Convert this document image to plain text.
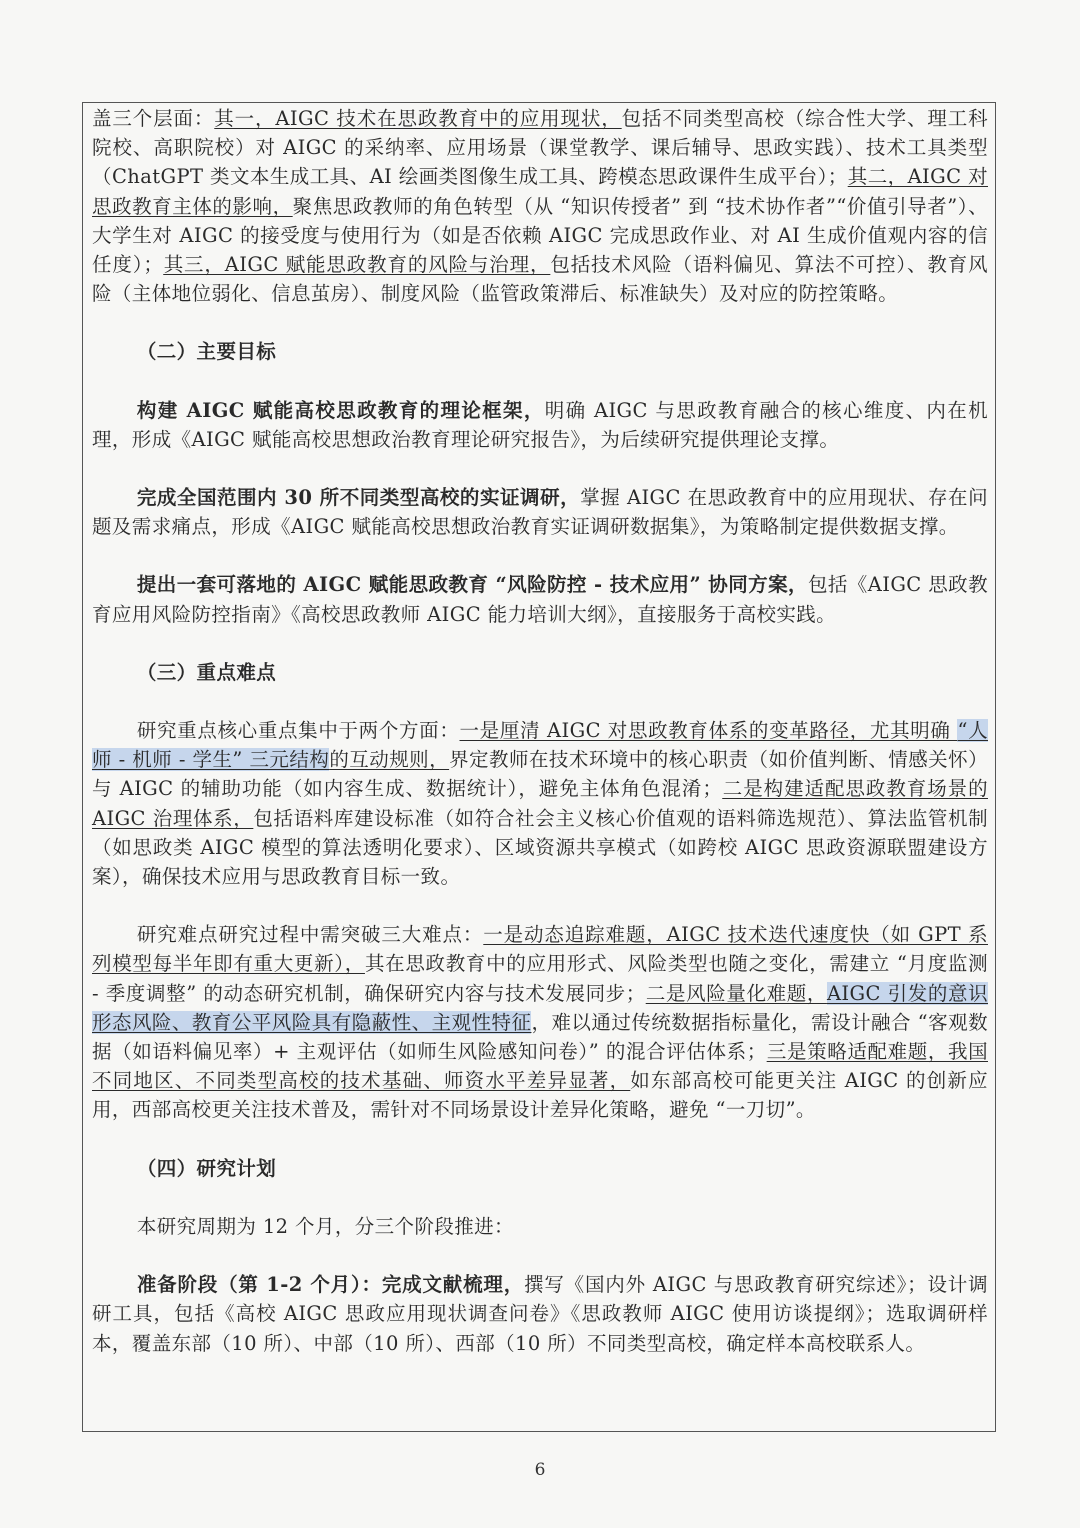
盖三个层面：其一，AIGC 技术在思政教育中的应用现状，包括不同类型高校（综合性大学、理工科院校、高职院校）对 AIGC 的采纳率、应用场景（课堂教学、课后辅导、思政实践）、技术工具类型（ChatGPT 类文本生成工具、AI 绘画类图像生成工具、跨模态思政课件生成平台）；其二，AIGC 对思政教育主体的影响，聚焦思政教师的角色转型（从 “知识传授者” 到 “技术协作者”“价值引导者”）、大学生对 AIGC 的接受度与使用行为（如是否依赖 AIGC 完成思政作业、对 AI 生成价值观内容的信任度）；其三，AIGC 赋能思政教育的风险与治理，包括技术风险（语料偏见、算法不可控）、教育风险（主体地位弱化、信息茧房）、制度风险（监管政策滞后、标准缺失）及对应的防控策略。

（二）主要目标

构建 AIGC 赋能高校思政教育的理论框架，明确 AIGC 与思政教育融合的核心维度、内在机理，形成《AIGC 赋能高校思想政治教育理论研究报告》，为后续研究提供理论支撑。

完成全国范围内 30 所不同类型高校的实证调研，掌握 AIGC 在思政教育中的应用现状、存在问题及需求痛点，形成《AIGC 赋能高校思想政治教育实证调研数据集》，为策略制定提供数据支撑。

提出一套可落地的 AIGC 赋能思政教育 “风险防控 - 技术应用” 协同方案，包括《AIGC 思政教育应用风险防控指南》《高校思政教师 AIGC 能力培训大纲》，直接服务于高校实践。

（三）重点难点

研究重点核心重点集中于两个方面：一是厘清 AIGC 对思政教育体系的变革路径，尤其明确 “人师 - 机师 - 学生” 三元结构的互动规则，界定教师在技术环境中的核心职责（如价值判断、情感关怀）与 AIGC 的辅助功能（如内容生成、数据统计），避免主体角色混淆；二是构建适配思政教育场景的 AIGC 治理体系，包括语料库建设标准（如符合社会主义核心价值观的语料筛选规范）、算法监管机制（如思政类 AIGC 模型的算法透明化要求）、区域资源共享模式（如跨校 AIGC 思政资源联盟建设方案），确保技术应用与思政教育目标一致。

研究难点研究过程中需突破三大难点：一是动态追踪难题，AIGC 技术迭代速度快（如 GPT 系列模型每半年即有重大更新），其在思政教育中的应用形式、风险类型也随之变化，需建立 “月度监测 - 季度调整” 的动态研究机制，确保研究内容与技术发展同步；二是风险量化难题，AIGC 引发的意识形态风险、教育公平风险具有隐蔽性、主观性特征，难以通过传统数据指标量化，需设计融合 “客观数据（如语料偏见率）+ 主观评估（如师生风险感知问卷）” 的混合评估体系；三是策略适配难题，我国不同地区、不同类型高校的技术基础、师资水平差异显著，如东部高校可能更关注 AIGC 的创新应用，西部高校更关注技术普及，需针对不同场景设计差异化策略，避免 “一刀切”。

（四）研究计划

本研究周期为 12 个月，分三个阶段推进：

准备阶段（第 1-2 个月）：完成文献梳理，撰写《国内外 AIGC 与思政教育研究综述》；设计调研工具，包括《高校 AIGC 思政应用现状调查问卷》《思政教师 AIGC 使用访谈提纲》；选取调研样本，覆盖东部（10 所）、中部（10 所）、西部（10 所）不同类型高校，确定样本高校联系人。

6
